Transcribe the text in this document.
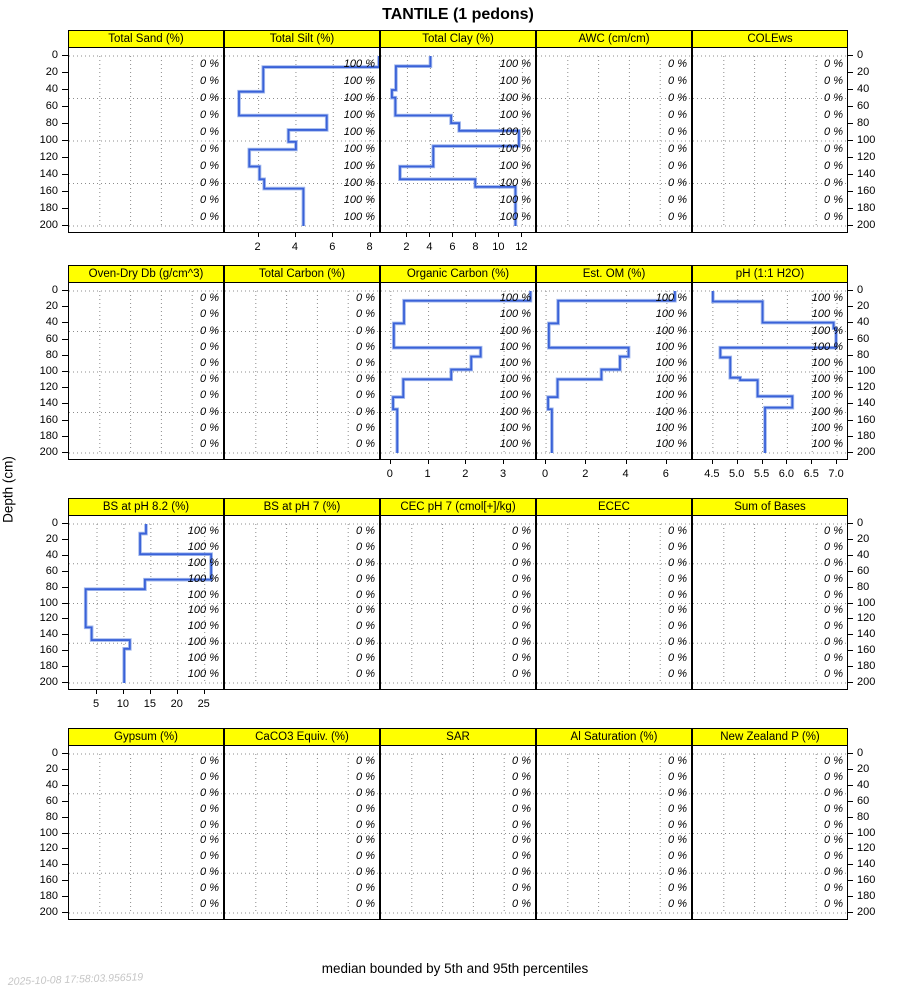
TANTILE (1 pedons)
Depth (cm)
Total Sand (%)
0 %
0 %
0 %
0 %
0 %
0 %
0 %
0 %
0 %
0 %
Total Silt (%)
100 %
100 %
100 %
100 %
100 %
100 %
100 %
100 %
100 %
100 %
2	4	6	8
Total Clay (%)
100 %
100 %
100 %
100 %
100 %
100 %
100 %
100 %
100 %
100 %
2	4	6	8	10 12
AWC (cm/cm)
0 %
0 %
0 %
0 %
0 %
0 %
0 %
0 %
0 %
0 %
COLEws
0 %
0 %
0 %
0 %
0 %
0 %
0 %
0 %
0 %
0 %
0	0
20	20
40	40
60	60
80	80
100	100
120	120
140	140
160	160
180	180
200	200
Oven-Dry Db (g/cm^3)
0 %
0 %
0 %
0 %
0 %
0 %
0 %
0 %
0 %
0 %
Total Carbon (%)
0 %
0 %
0 %
0 %
0 %
0 %
0 %
0 %
0 %
0 %
Organic Carbon (%)
100 %
100 %
100 %
100 %
100 %
100 %
100 %
100 %
100 %
100 %
0	1	2	3
Est. OM (%)
100 %
100 %
100 %
100 %
100 %
100 %
100 %
100 %
100 %
100 %
0	2	4	6
pH (1:1 H2O)
100 %
100 %
100 %
100 %
100 %
100 %
100 %
100 %
100 %
100 %
4.5 5.0 5.5 6.0 6.5 7.0
0	0
20	20
40	40
60	60
80	80
100	100
120	120
140	140
160	160
180	180
200	200
BS at pH 8.2 (%)
100 %
100 %
100 %
100 %
100 %
100 %
100 %
100 %
100 %
100 %
5	10	15	20	25
BS at pH 7 (%)
0 %
0 %
0 %
0 %
0 %
0 %
0 %
0 %
0 %
0 %
CEC pH 7 (cmol[+]/kg)
0 %
0 %
0 %
0 %
0 %
0 %
0 %
0 %
0 %
0 %
ECEC
0 %
0 %
0 %
0 %
0 %
0 %
0 %
0 %
0 %
0 %
Sum of Bases
0 %
0 %
0 %
0 %
0 %
0 %
0 %
0 %
0 %
0 %
0	0
20	20
40	40
60	60
80	80
100	100
120	120
140	140
160	160
180	180
200	200
Gypsum (%)
0 %
0 %
0 %
0 %
0 %
0 %
0 %
0 %
0 %
0 %
CaCO3 Equiv. (%)
0 %
0 %
0 %
0 %
0 %
0 %
0 %
0 %
0 %
0 %
SAR
0 %
0 %
0 %
0 %
0 %
0 %
0 %
0 %
0 %
0 %
Al Saturation (%)
0 %
0 %
0 %
0 %
0 %
0 %
0 %
0 %
0 %
0 %
New Zealand P (%)
0 %
0 %
0 %
0 %
0 %
0 %
0 %
0 %
0 %
0 %
0	0
20	20
40	40
60	60
80	80
100	100
120	120
140	140
160	160
180	180
200	200
median bounded by 5th and 95th percentiles
2025-10-08 17:58:03.956519
